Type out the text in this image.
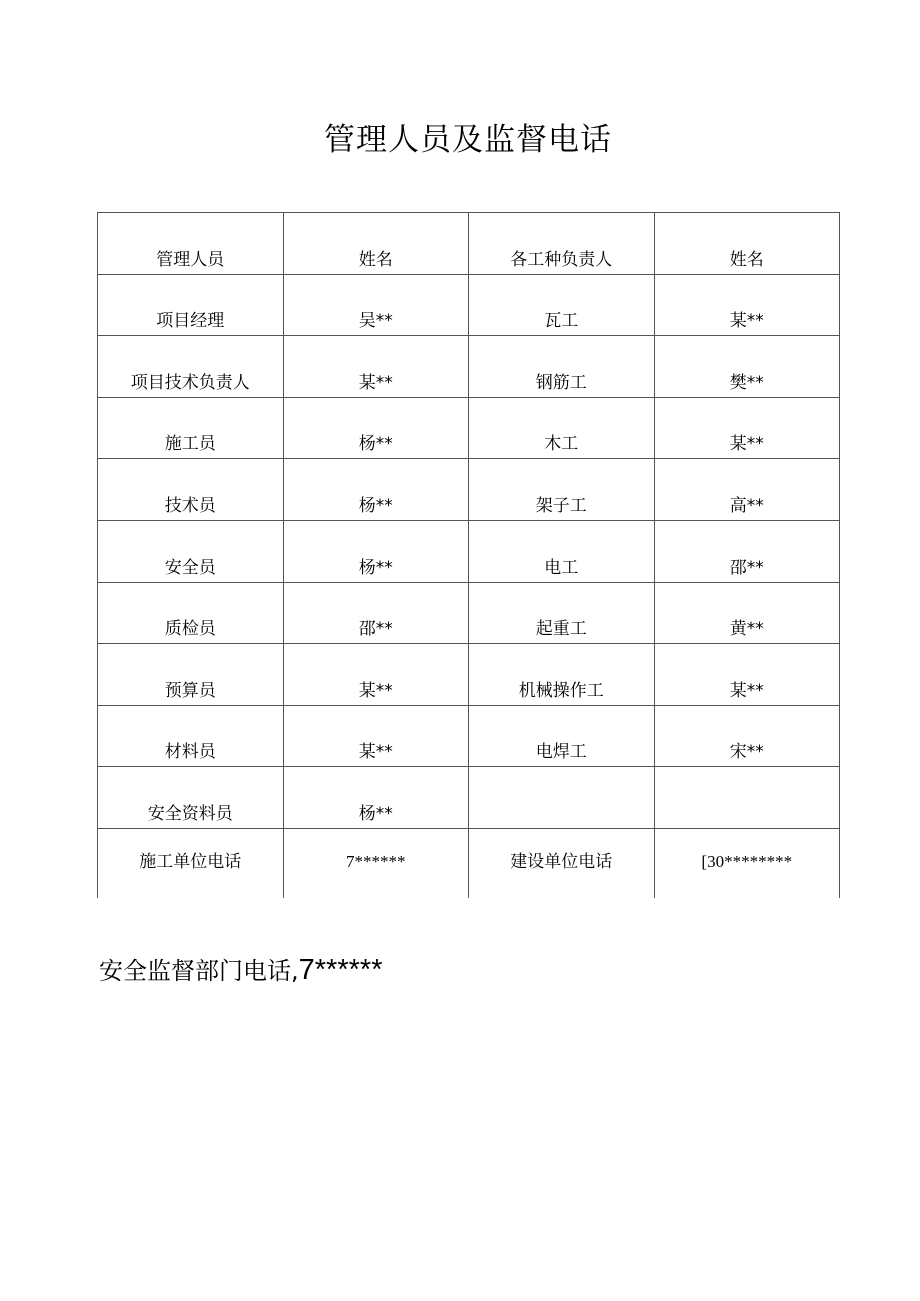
管理人员及监督电话
管理人员	姓名	各工种负责人	姓名
项目经理	吴**	瓦工	某**
项目技术负责人	某**	钢筋工	樊**
施工员	杨**	木工	某**
技术员	杨**	架子工	高**
安全员	杨**	电工	邵**
质检员	邵**	起重工	黄**
预算员	某**	机械操作工	某**
材料员	某**	电焊工	宋**
安全资料员	杨**		
施工单位电话	7******	建设单位电话	[30********
安全监督部门电话,7******
